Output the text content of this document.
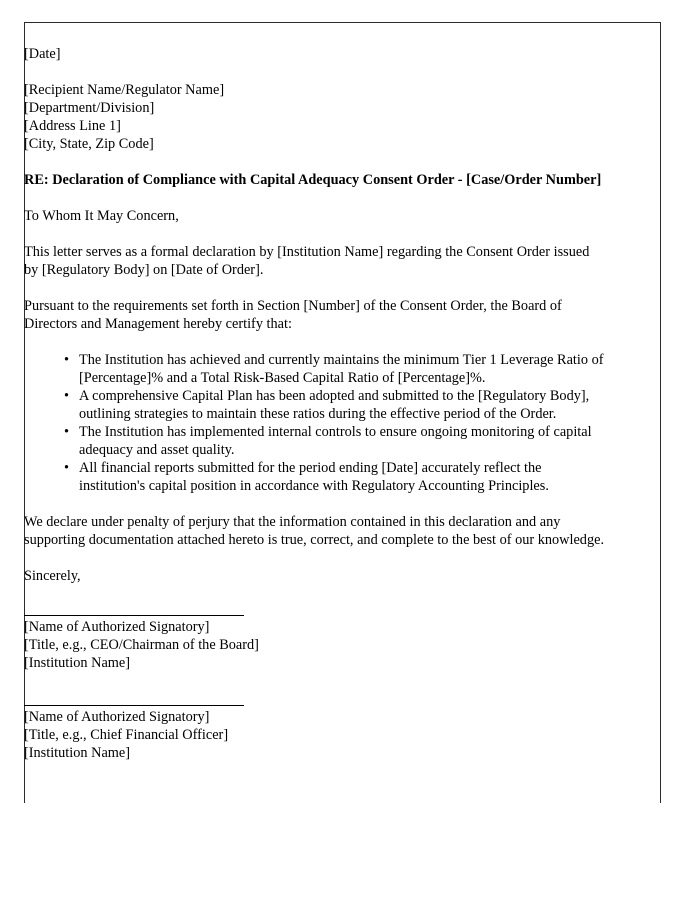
[Date]

[Recipient Name/Regulator Name]

[Department/Division]

[Address Line 1]

[City, State, Zip Code]

RE: Declaration of Compliance with Capital Adequacy Consent Order - [Case/Order Number]

To Whom It May Concern,

This letter serves as a formal declaration by [Institution Name] regarding the Consent Order issued by [Regulatory Body] on [Date of Order].

Pursuant to the requirements set forth in Section [Number] of the Consent Order, the Board of Directors and Management hereby certify that:

• The Institution has achieved and currently maintains the minimum Tier 1 Leverage Ratio of [Percentage]% and a Total Risk-Based Capital Ratio of [Percentage]%.
• A comprehensive Capital Plan has been adopted and submitted to the [Regulatory Body], outlining strategies to maintain these ratios during the effective period of the Order.
• The Institution has implemented internal controls to ensure ongoing monitoring of capital adequacy and asset quality.
• All financial reports submitted for the period ending [Date] accurately reflect the institution's capital position in accordance with Regulatory Accounting Principles.

We declare under penalty of perjury that the information contained in this declaration and any supporting documentation attached hereto is true, correct, and complete to the best of our knowledge.

Sincerely,

[Name of Authorized Signatory]

[Title, e.g., CEO/Chairman of the Board]

[Institution Name]

[Name of Authorized Signatory]

[Title, e.g., Chief Financial Officer]

[Institution Name]
